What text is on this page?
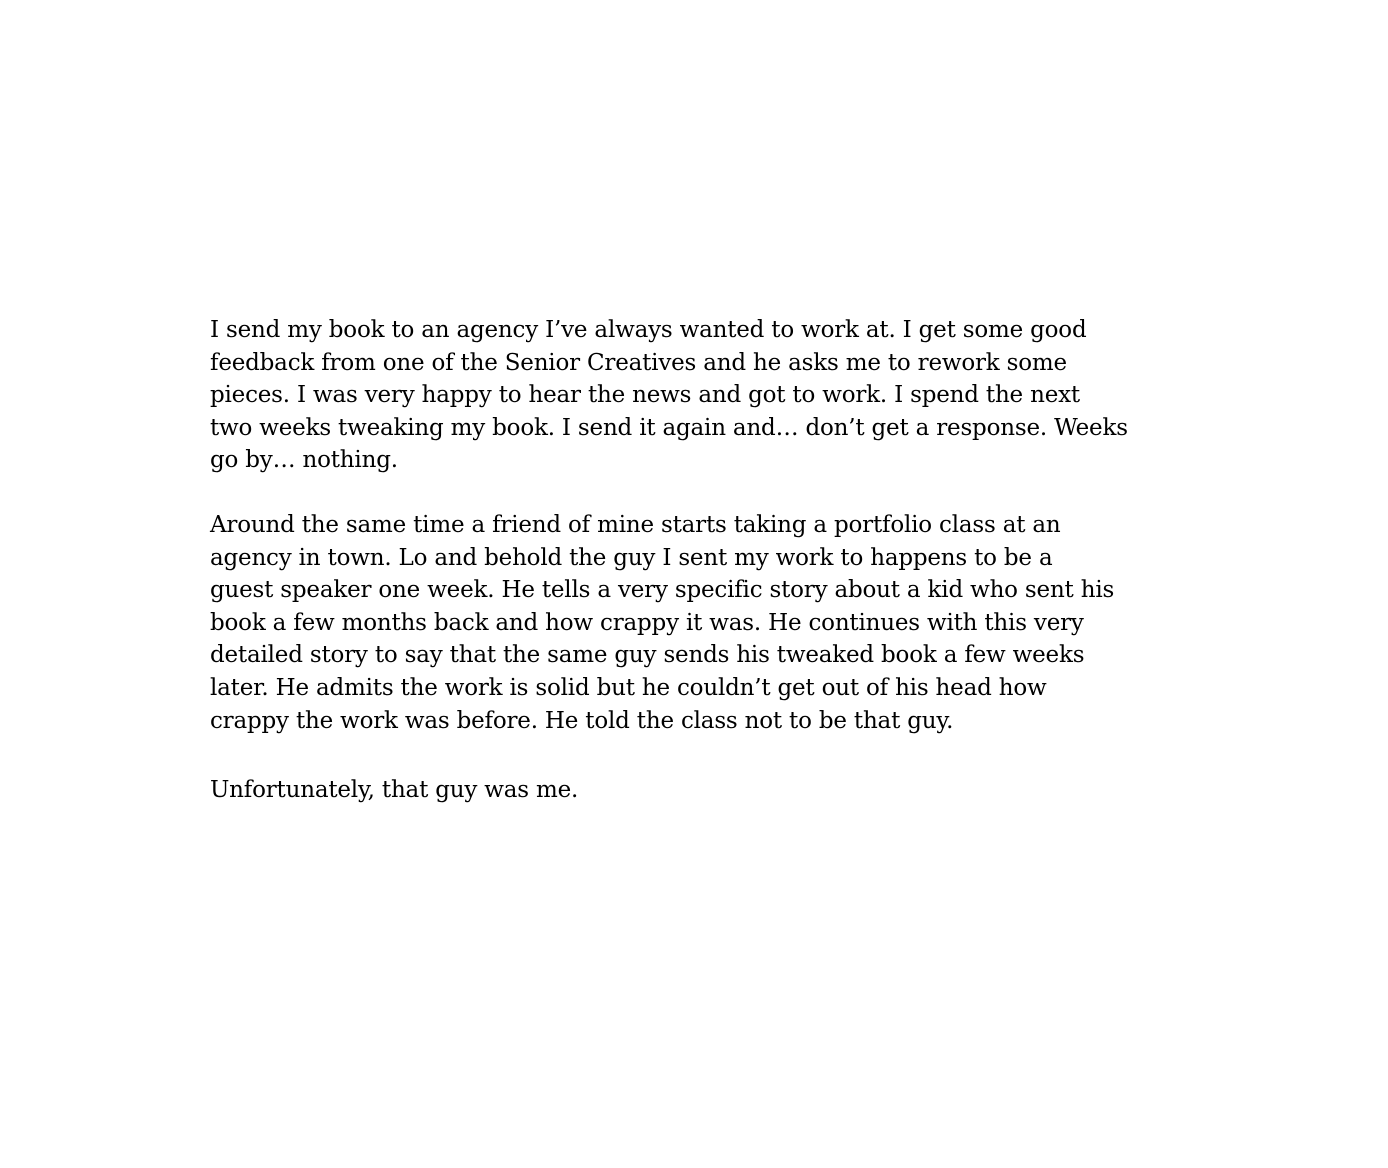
I send my book to an agency I’ve always wanted to work at. I get some good
feedback from one of the Senior Creatives and he asks me to rework some
pieces. I was very happy to hear the news and got to work. I spend the next
two weeks tweaking my book. I send it again and… don’t get a response. Weeks
go by… nothing.

Around the same time a friend of mine starts taking a portfolio class at an
agency in town. Lo and behold the guy I sent my work to happens to be a
guest speaker one week. He tells a very specific story about a kid who sent his
book a few months back and how crappy it was. He continues with this very
detailed story to say that the same guy sends his tweaked book a few weeks
later. He admits the work is solid but he couldn’t get out of his head how
crappy the work was before. He told the class not to be that guy.

Unfortunately, that guy was me.
